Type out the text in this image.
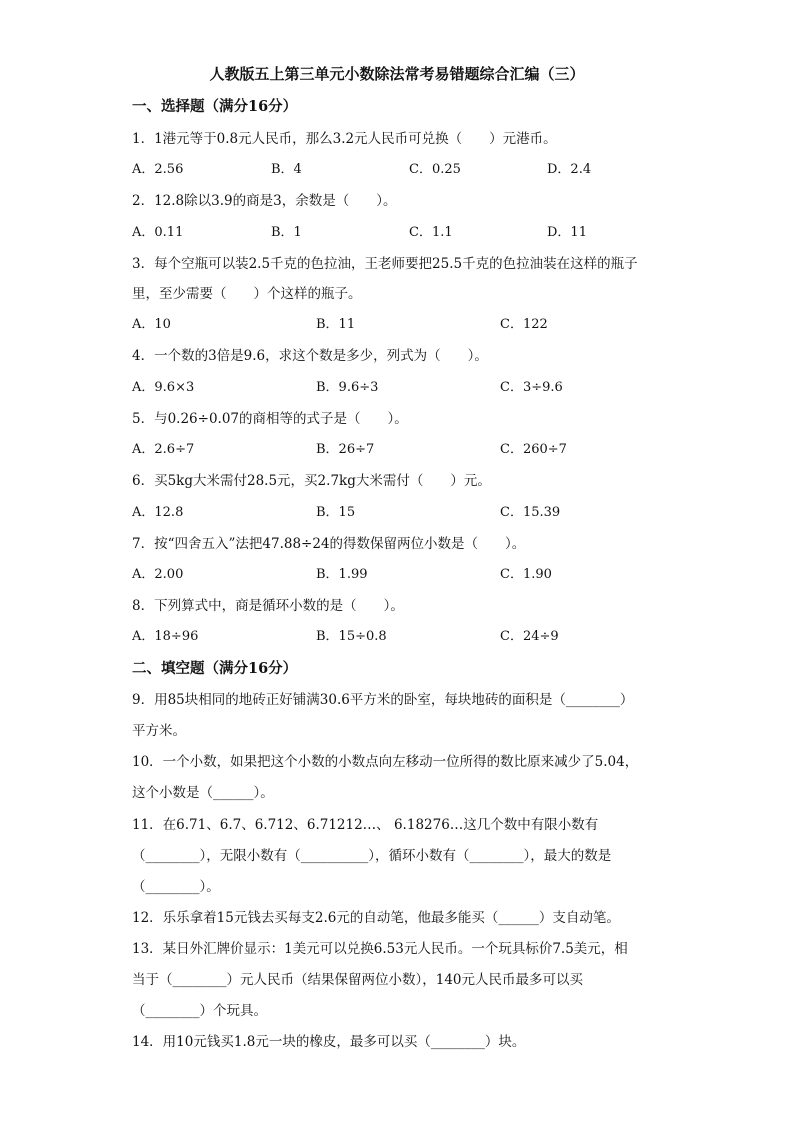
人教版五上第三单元小数除法常考易错题综合汇编（三）
一、选择题（满分16分）
1．1港元等于0.8元人民币，那么3.2元人民币可兑换（　　）元港币。
A．2.56	B．4	C．0.25	D．2.4
2．12.8除以3.9的商是3，余数是（　　）。
A．0.11	B．1	C．1.1	D．11
3．每个空瓶可以装2.5千克的色拉油，王老师要把25.5千克的色拉油装在这样的瓶子
里，至少需要（　　）个这样的瓶子。
A．10	B．11	C．122
4．一个数的3倍是9.6，求这个数是多少，列式为（　　）。
A．9.6×3	B．9.6÷3	C．3÷9.6
5．与0.26÷0.07的商相等的式子是（　　）。
A．2.6÷7	B．26÷7	C．260÷7
6．买5kg大米需付28.5元，买2.7kg大米需付（　　）元。
A．12.8	B．15	C．15.39
7．按“四舍五入”法把47.88÷24的得数保留两位小数是（　　）。
A．2.00	B．1.99	C．1.90
8．下列算式中，商是循环小数的是（　　）。
A．18÷96	B．15÷0.8	C．24÷9
二、填空题（满分16分）
9．用85块相同的地砖正好铺满30.6平方米的卧室，每块地砖的面积是（________）
平方米。
10．一个小数，如果把这个小数的小数点向左移动一位所得的数比原来减少了5.04，
这个小数是（______）。
11．在6.71、6.7、6.712、6.71212…、 6.18276…这几个数中有限小数有
（________），无限小数有（__________），循环小数有（________），最大的数是
（________）。
12．乐乐拿着15元钱去买每支2.6元的自动笔，他最多能买（______）支自动笔。
13．某日外汇牌价显示：1美元可以兑换6.53元人民币。一个玩具标价7.5美元，相
当于（________）元人民币（结果保留两位小数），140元人民币最多可以买
（________）个玩具。
14．用10元钱买1.8元一块的橡皮，最多可以买（________）块。
